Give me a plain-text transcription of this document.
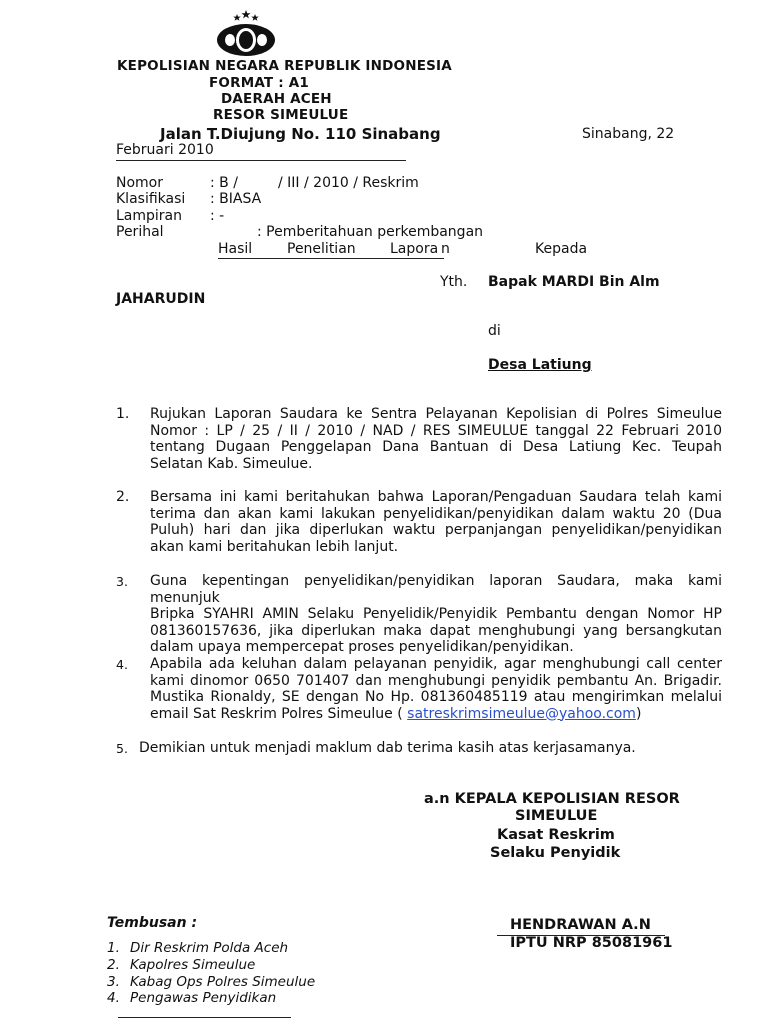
KEPOLISIAN NEGARA REPUBLIK INDONESIA
FORMAT : A1
DAERAH ACEH
RESOR SIMEULUE
Jalan T.Diujung No. 110 Sinabang	Sinabang, 22
Februari 2010
Nomor	: B /         / III / 2010 / Reskrim
Klasifikasi : BIASA
Lampiran : -
Perihal	: Pemberitahuan perkembangan
Hasil Penelitian Lapora n	Kepada
Yth. Bapak MARDI Bin Alm
JAHARUDIN
di
Desa Latiung
1. Rujukan Laporan Saudara ke Sentra Pelayanan Kepolisian di Polres Simeulue
Nomor : LP / 25 / II / 2010 / NAD / RES SIMEULUE tanggal 22 Februari 2010
tentang Dugaan Penggelapan Dana Bantuan di Desa Latiung Kec. Teupah
Selatan Kab. Simeulue.
2. Bersama ini kami beritahukan bahwa Laporan/Pengaduan Saudara telah kami
terima dan akan kami lakukan penyelidikan/penyidikan dalam waktu 20 (Dua
Puluh) hari dan jika diperlukan waktu perpanjangan penyelidikan/penyidikan
akan kami beritahukan lebih lanjut.
3. Guna kepentingan penyelidikan/penyidikan laporan Saudara, maka kami menunjuk
Bripka SYAHRI AMIN Selaku Penyelidik/Penyidik Pembantu dengan Nomor HP
081360157636, jika diperlukan maka dapat menghubungi yang bersangkutan
dalam upaya mempercepat proses penyelidikan/penyidikan.
4. Apabila ada keluhan dalam pelayanan penyidik, agar menghubungi call center
kami dinomor 0650 701407 dan menghubungi penyidik pembantu An. Brigadir.
Mustika Rionaldy, SE dengan No Hp. 081360485119 atau mengirimkan melalui
email Sat Reskrim Polres Simeulue ( satreskrimsimeulue@yahoo.com)
5. Demikian untuk menjadi maklum dab terima kasih atas kerjasamanya.
a.n KEPALA KEPOLISIAN RESOR
SIMEULUE
Kasat Reskrim
Selaku Penyidik
HENDRAWAN A.N
IPTU NRP 85081961
Tembusan :
1. Dir Reskrim Polda Aceh
2. Kapolres Simeulue
3. Kabag Ops Polres Simeulue
4. Pengawas Penyidikan
